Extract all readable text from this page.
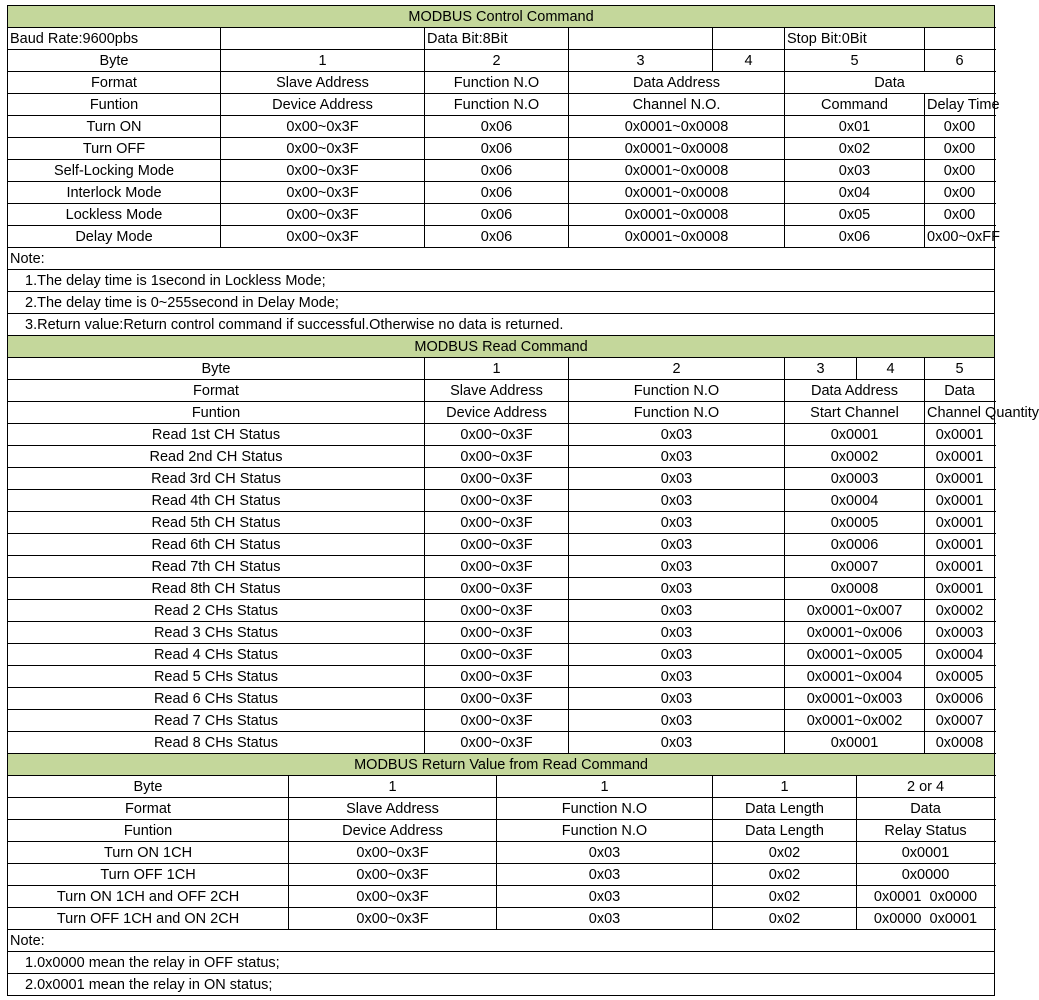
MODBUS Control Command										
Baud Rate:9600pbs			Data Bit:8Bit				Stop Bit:0Bit		
Byte	1		2		3	4	5		6		
Format	Slave Address		Function N.O		Data Address		Data	
Funtion	Device Address		Function N.O		Channel N.O.		Command		Delay Time	
Turn ON	0x00~0x3F		0x06		0x0001~0x0008		0x01		0x00	
Turn OFF	0x00~0x3F		0x06		0x0001~0x0008		0x02		0x00	
Self-Locking Mode	0x00~0x3F		0x06		0x0001~0x0008		0x03		0x00	
Interlock Mode	0x00~0x3F		0x06		0x0001~0x0008		0x04		0x00	
Lockless Mode	0x00~0x3F		0x06		0x0001~0x0008		0x05		0x00	
Delay Mode	0x00~0x3F		0x06		0x0001~0x0008		0x06		0x00~0xFF	
Note:										
1.The delay time is 1second in Lockless Mode;										
2.The delay time is 0~255second in Delay Mode;										
3.Return value:Return control command if successful.Otherwise no data is returned.										
MODBUS Read Command										
Byte			1		2		3	4	5			
Format			Slave Address		Function N.O		Data Address		Data	
Funtion			Device Address		Function N.O		Start Channel		Channel Quantity	
Read 1st CH Status			0x00~0x3F		0x03		0x0001		0x0001	
Read 2nd CH Status			0x00~0x3F		0x03		0x0002		0x0001	
Read 3rd CH Status			0x00~0x3F		0x03		0x0003		0x0001	
Read 4th CH Status			0x00~0x3F		0x03		0x0004		0x0001	
Read 5th CH Status			0x00~0x3F		0x03		0x0005		0x0001	
Read 6th CH Status			0x00~0x3F		0x03		0x0006		0x0001	
Read 7th CH Status			0x00~0x3F		0x03		0x0007		0x0001	
Read 8th CH Status			0x00~0x3F		0x03		0x0008		0x0001	
Read 2 CHs Status			0x00~0x3F		0x03		0x0001~0x007		0x0002	
Read 3 CHs Status			0x00~0x3F		0x03		0x0001~0x006		0x0003	
Read 4 CHs Status			0x00~0x3F		0x03		0x0001~0x005		0x0004	
Read 5 CHs Status			0x00~0x3F		0x03		0x0001~0x004		0x0005	
Read 6 CHs Status			0x00~0x3F		0x03		0x0001~0x003		0x0006	
Read 7 CHs Status			0x00~0x3F		0x03		0x0001~0x002		0x0007	
Read 8 CHs Status			0x00~0x3F		0x03		0x0001		0x0008	
MODBUS Return Value from Read Command										
Byte		1		1		1		2 or 4	
Format		Slave Address		Function N.O		Data Length		Data	
Funtion		Device Address		Function N.O		Data Length		Relay Status	
Turn ON 1CH		0x00~0x3F		0x03		0x02		0x0001		
Turn OFF 1CH		0x00~0x3F		0x03		0x02		0x0000		
Turn ON 1CH and OFF 2CH		0x00~0x3F		0x03		0x02		0x0001  0x0000		
Turn OFF 1CH and ON 2CH		0x00~0x3F		0x03		0x02		0x0000  0x0001		
Note:										
1.0x0000 mean the relay in OFF status;										
2.0x0001 mean the relay in ON status;										
